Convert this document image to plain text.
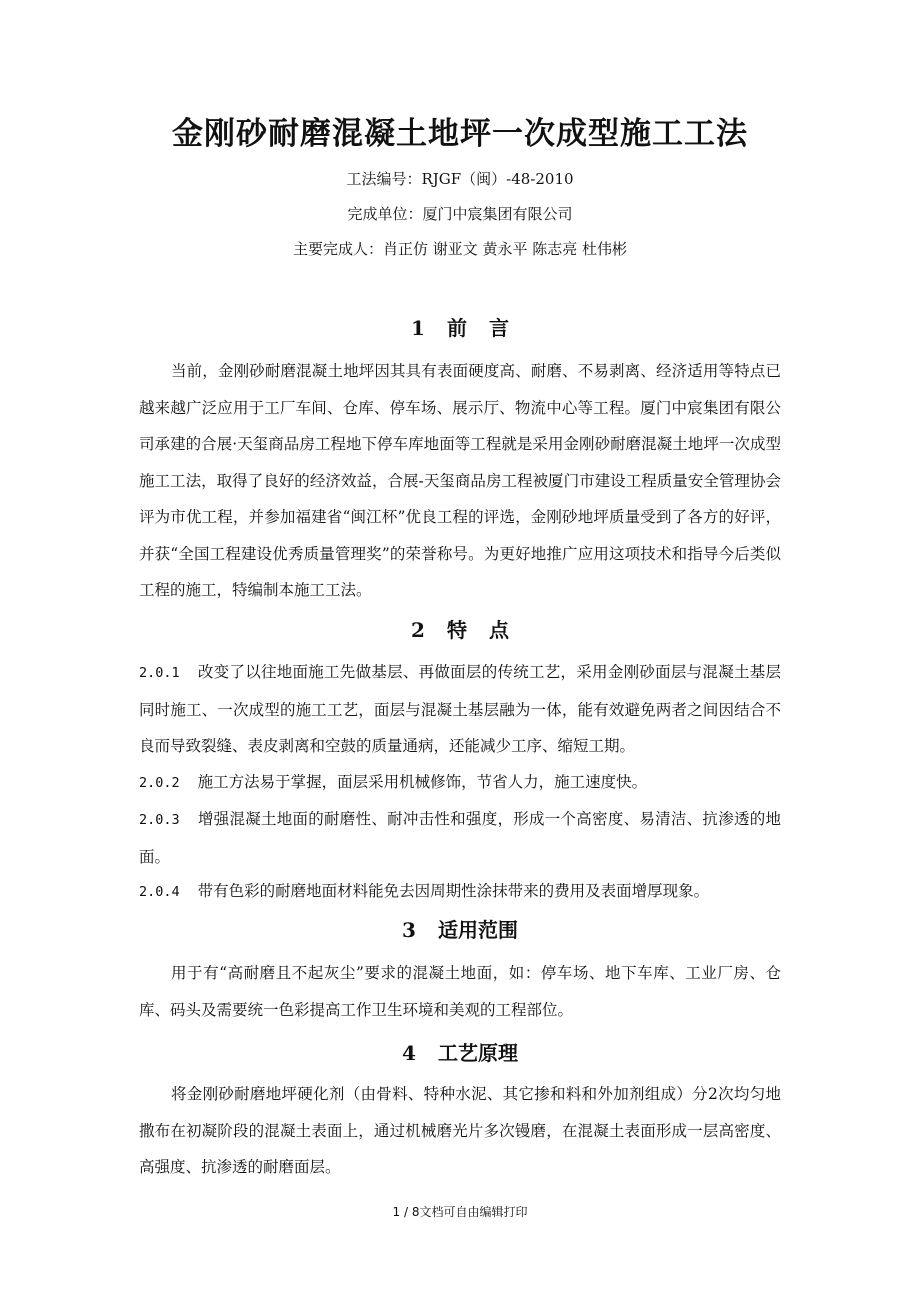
金刚砂耐磨混凝土地坪一次成型施工工法
工法编号：RJGF（闽）-48-2010
完成单位：厦门中宸集团有限公司
主要完成人：肖正仿 谢亚文 黄永平 陈志亮 杜伟彬
1 前言
当前，金刚砂耐磨混凝土地坪因其具有表面硬度高、耐磨、不易剥离、经济适用等特点已越来越广泛应用于工厂车间、仓库、停车场、展示厅、物流中心等工程。厦门中宸集团有限公司承建的合展·天玺商品房工程地下停车库地面等工程就是采用金刚砂耐磨混凝土地坪一次成型施工工法，取得了良好的经济效益，合展-天玺商品房工程被厦门市建设工程质量安全管理协会评为市优工程，并参加福建省“闽江杯”优良工程的评选，金刚砂地坪质量受到了各方的好评，并获“全国工程建设优秀质量管理奖”的荣誉称号。为更好地推广应用这项技术和指导今后类似工程的施工，特编制本施工工法。
2 特点
2.0.1 改变了以往地面施工先做基层、再做面层的传统工艺，采用金刚砂面层与混凝土基层同时施工、一次成型的施工工艺，面层与混凝土基层融为一体，能有效避免两者之间因结合不良而导致裂缝、表皮剥离和空鼓的质量通病，还能减少工序、缩短工期。
2.0.2 施工方法易于掌握，面层采用机械修饰，节省人力，施工速度快。
2.0.3 增强混凝土地面的耐磨性、耐冲击性和强度，形成一个高密度、易清洁、抗渗透的地面。
2.0.4 带有色彩的耐磨地面材料能免去因周期性涂抹带来的费用及表面增厚现象。
3 适用范围
用于有“高耐磨且不起灰尘”要求的混凝土地面，如：停车场、地下车库、工业厂房、仓库、码头及需要统一色彩提高工作卫生环境和美观的工程部位。
4 工艺原理
将金刚砂耐磨地坪硬化剂（由骨料、特种水泥、其它掺和料和外加剂组成）分2次均匀地撒布在初凝阶段的混凝土表面上，通过机械磨光片多次镘磨，在混凝土表面形成一层高密度、高强度、抗渗透的耐磨面层。
1 / 8文档可自由编辑打印
